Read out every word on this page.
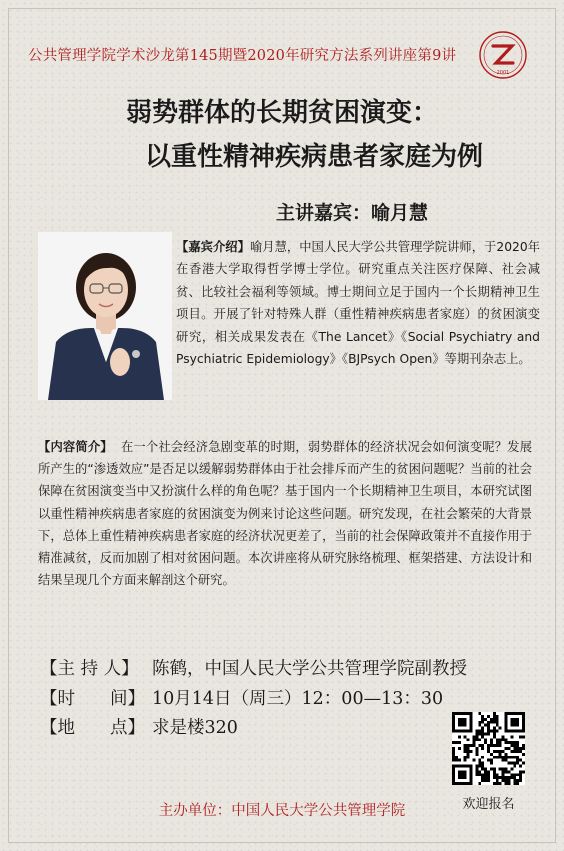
公共管理学院学术沙龙第145期暨2020年研究方法系列讲座第9讲
2001
弱势群体的长期贫困演变：
以重性精神疾病患者家庭为例
主讲嘉宾：喻月慧
【嘉宾介绍】喻月慧，中国人民大学公共管理学院讲师，于2020年在香港大学取得哲学博士学位。研究重点关注医疗保障、社会减贫、比较社会福利等领域。博士期间立足于国内一个长期精神卫生项目。开展了针对特殊人群（重性精神疾病患者家庭）的贫困演变研究，相关成果发表在《The Lancet》《Social Psychiatry and Psychiatric Epidemiology》《BJPsych Open》等期刊杂志上。
【内容简介】 在一个社会经济急剧变革的时期，弱势群体的经济状况会如何演变呢？发展所产生的“渗透效应”是否足以缓解弱势群体由于社会排斥而产生的贫困问题呢？当前的社会保障在贫困演变当中又扮演什么样的角色呢？基于国内一个长期精神卫生项目，本研究试图以重性精神疾病患者家庭的贫困演变为例来讨论这些问题。研究发现，在社会繁荣的大背景下，总体上重性精神疾病患者家庭的经济状况更差了，当前的社会保障政策并不直接作用于精准减贫，反而加剧了相对贫困问题。本次讲座将从研究脉络梳理、框架搭建、方法设计和结果呈现几个方面来解剖这个研究。
【主 持 人】 陈鹤，中国人民大学公共管理学院副教授
【时　　间】 10月14日（周三）12：00—13：30
【地　　点】 求是楼320
欢迎报名
主办单位：中国人民大学公共管理学院
